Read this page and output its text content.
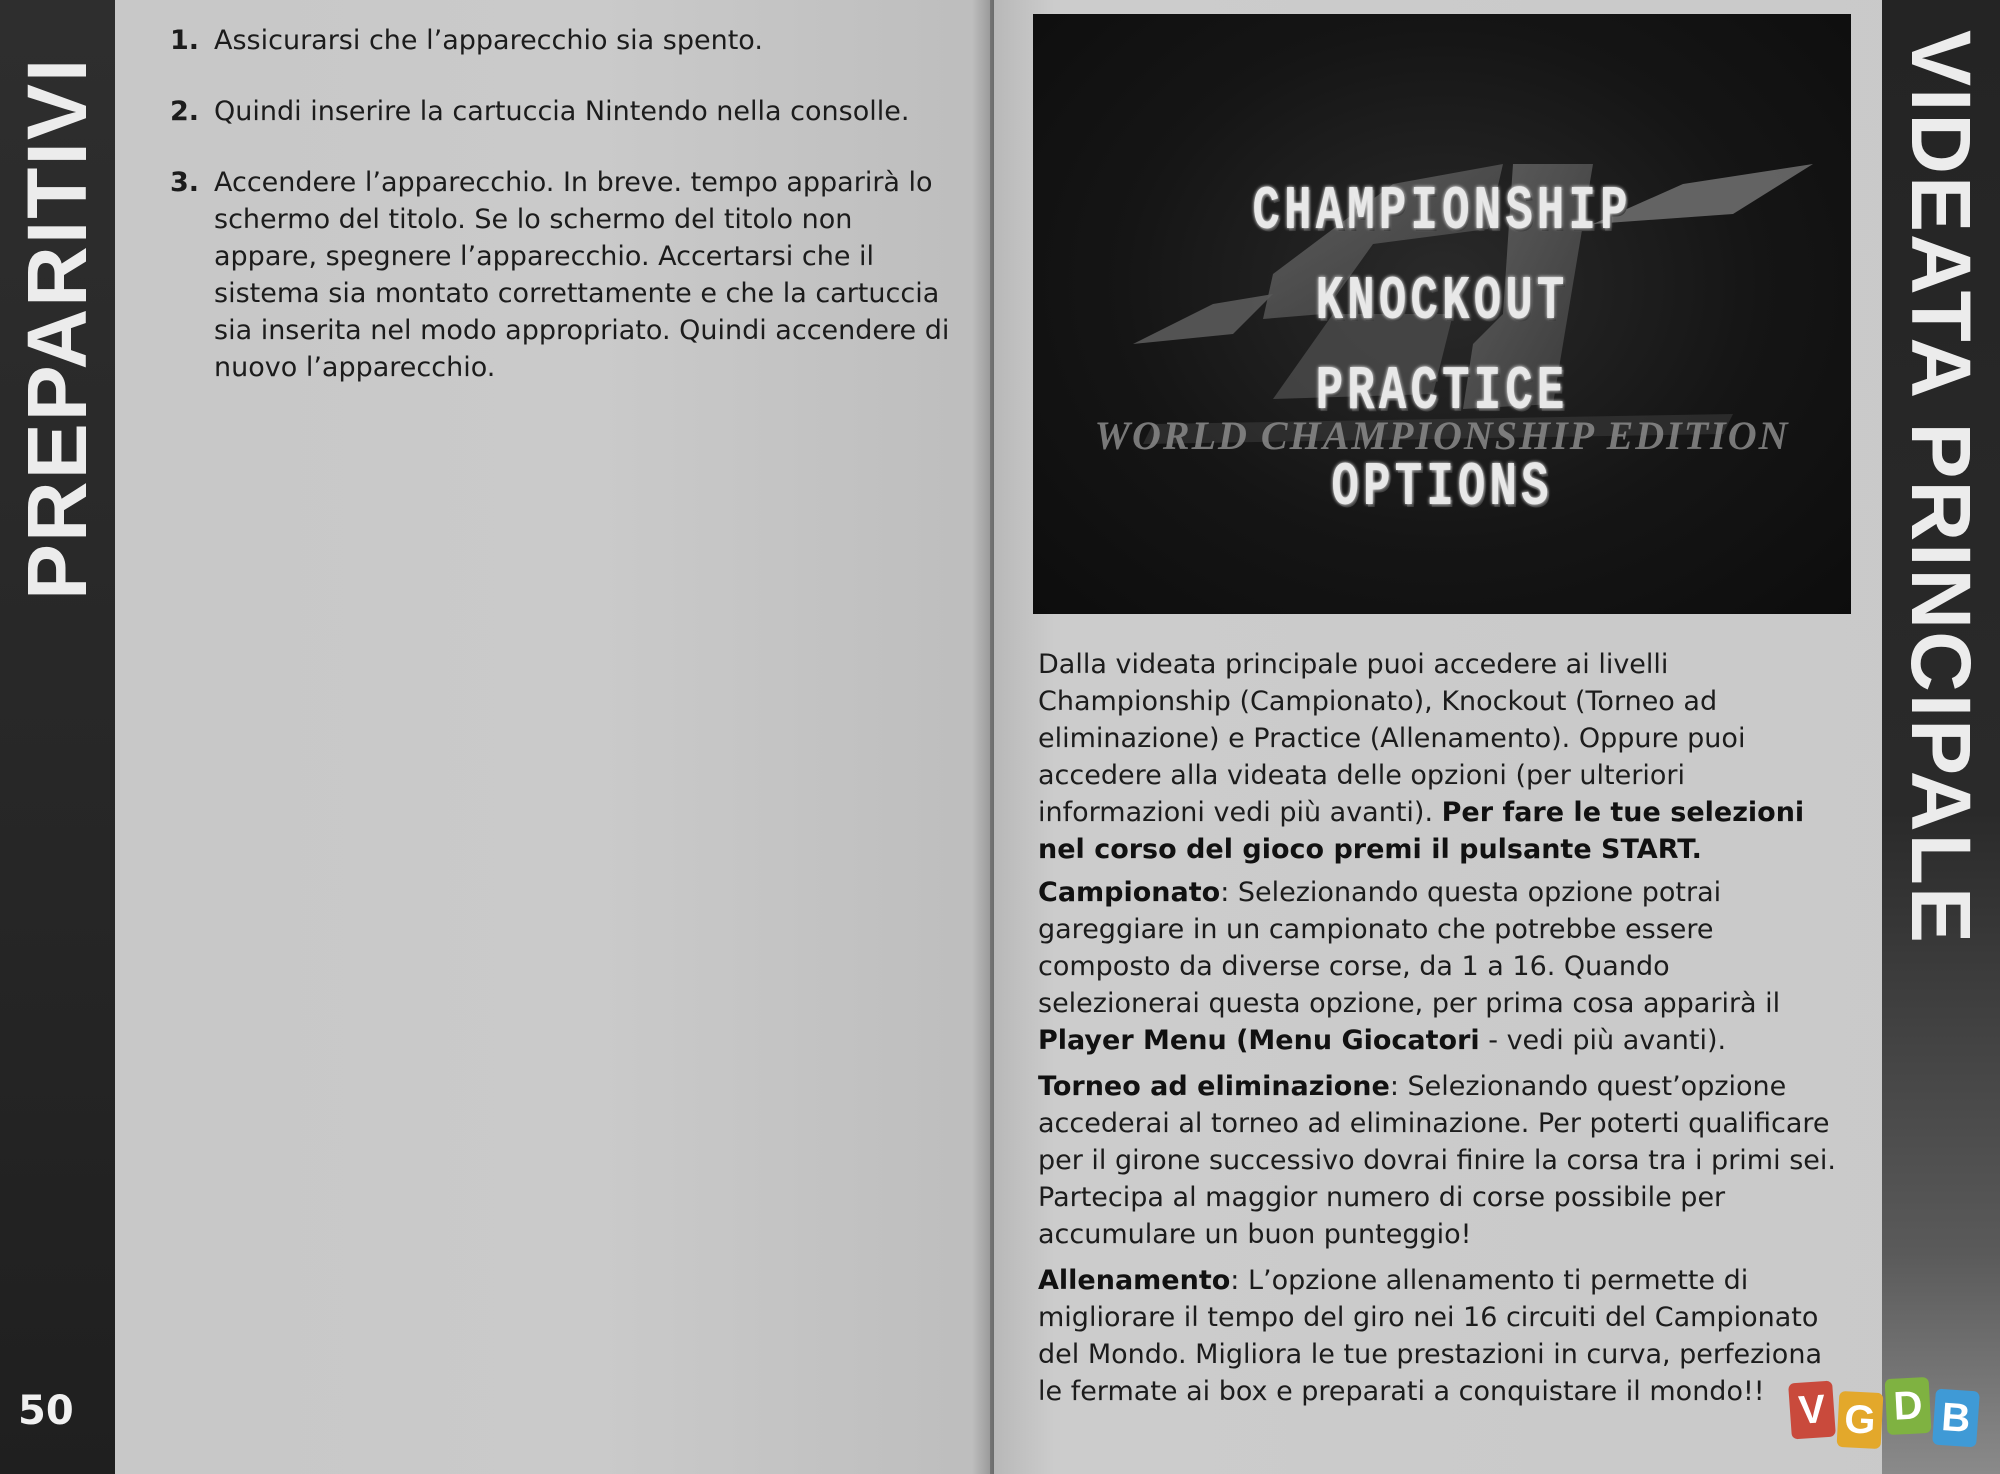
PREPARITIVI
50
1. Assicurarsi che l’apparecchio sia spento.
2. Quindi inserire la cartuccia Nintendo nella consolle.
3. Accendere l’apparecchio. In breve. tempo apparirà lo schermo del titolo. Se lo schermo del titolo non appare, spegnere l’apparecchio. Accertarsi che il sistema sia montato correttamente e che la cartuccia sia inserita nel modo appropriato. Quindi accendere di nuovo l’apparecchio.
CHAMPIONSHIP
KNOCKOUT
PRACTICE
WORLD CHAMPIONSHIP EDITION
OPTIONS

Dalla videata principale puoi accedere ai livelli Championship (Campionato), Knockout (Torneo ad eliminazione) e Practice (Allenamento). Oppure puoi accedere alla videata delle opzioni (per ulteriori informazioni vedi più avanti). Per fare le tue selezioni nel corso del gioco premi il pulsante START.

Campionato: Selezionando questa opzione potrai gareggiare in un campionato che potrebbe essere composto da diverse corse, da 1 a 16. Quando selezionerai questa opzione, per prima cosa apparirà il Player Menu (Menu Giocatori - vedi più avanti).

Torneo ad eliminazione: Selezionando quest’opzione accederai al torneo ad eliminazione. Per poterti qualificare per il girone successivo dovrai finire la corsa tra i primi sei. Partecipa al maggior numero di corse possibile per accumulare un buon punteggio!

Allenamento: L’opzione allenamento ti permette di migliorare il tempo del giro nei 16 circuiti del Campionato del Mondo. Migliora le tue prestazioni in curva, perfeziona le fermate ai box e preparati a conquistare il mondo!!

VIDEATA PRINCIPALE
V G D B
